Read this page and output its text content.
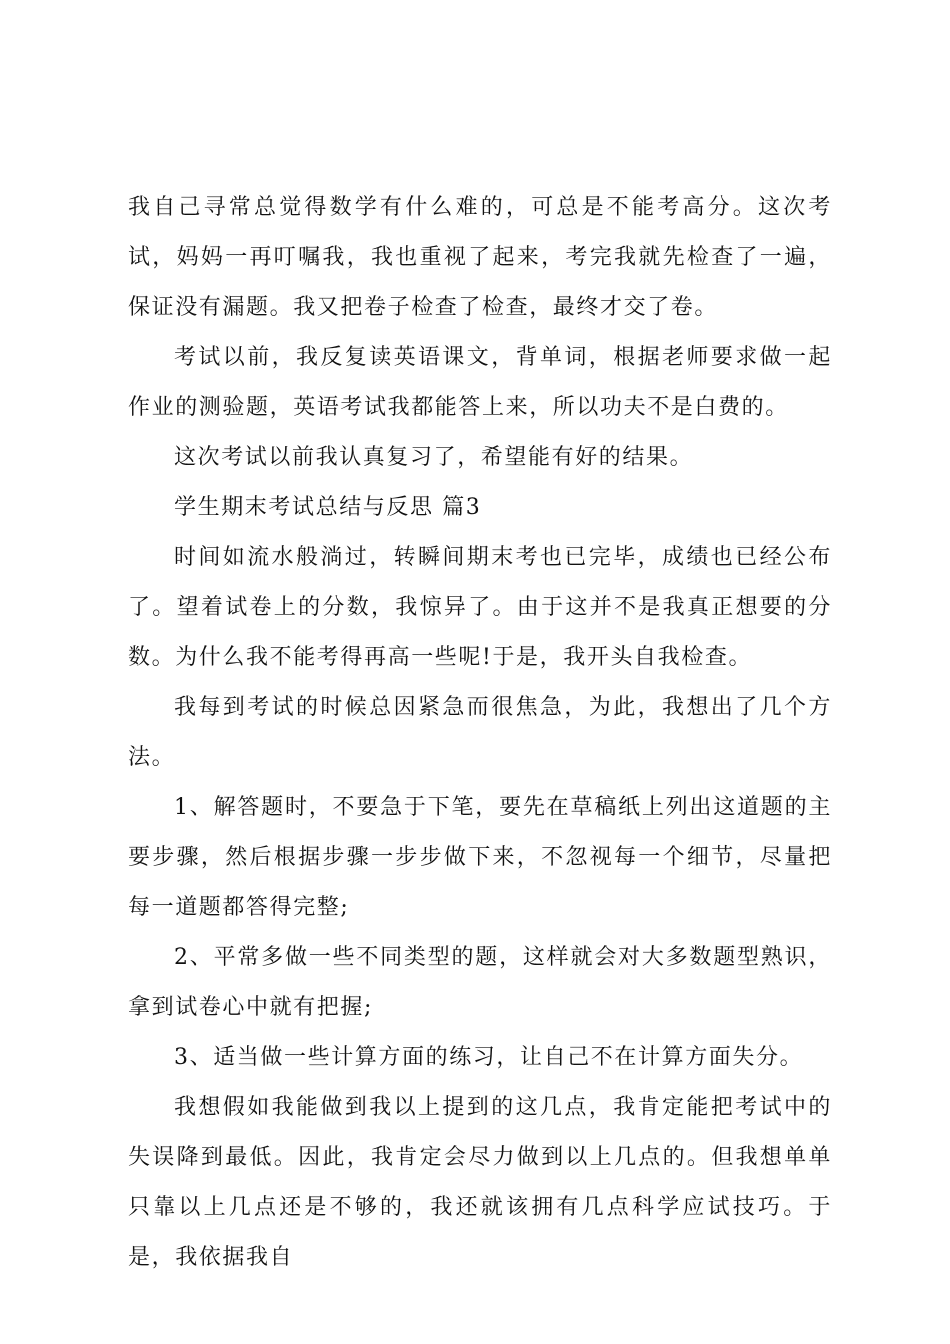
我自己寻常总觉得数学有什么难的，可总是不能考高分。这次考试，妈妈一再叮嘱我，我也重视了起来，考完我就先检查了一遍，保证没有漏题。我又把卷子检查了检查，最终才交了卷。

考试以前，我反复读英语课文，背单词，根据老师要求做一起作业的测验题，英语考试我都能答上来，所以功夫不是白费的。

这次考试以前我认真复习了，希望能有好的结果。

学生期末考试总结与反思 篇3

时间如流水般淌过，转瞬间期末考也已完毕，成绩也已经公布了。望着试卷上的分数，我惊异了。由于这并不是我真正想要的分数。为什么我不能考得再高一些呢!于是，我开头自我检查。

我每到考试的时候总因紧急而很焦急，为此，我想出了几个方法。

1、解答题时，不要急于下笔，要先在草稿纸上列出这道题的主要步骤，然后根据步骤一步步做下来，不忽视每一个细节，尽量把每一道题都答得完整;

2、平常多做一些不同类型的题，这样就会对大多数题型熟识，拿到试卷心中就有把握;

3、适当做一些计算方面的练习，让自己不在计算方面失分。

我想假如我能做到我以上提到的这几点，我肯定能把考试中的失误降到最低。因此，我肯定会尽力做到以上几点的。但我想单单只靠以上几点还是不够的，我还就该拥有几点科学应试技巧。于是，我依据我自
